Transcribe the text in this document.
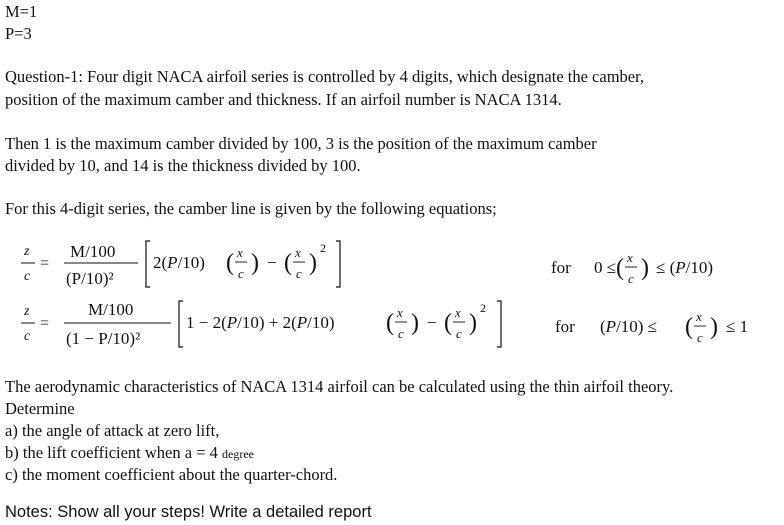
M=1
P=3
Question-1: Four digit NACA airfoil series is controlled by 4 digits, which designate the camber,
position of the maximum camber and thickness. If an airfoil number is NACA 1314.
Then 1 is the maximum camber divided by 100, 3 is the position of the maximum camber
divided by 10, and 14 is the thickness divided by 100.
For this 4-digit series, the camber line is given by the following equations;
z
c
=
M/100
(P/10)²
2(P/10) ( x
c ) − ( x
c )
2
for 0 ≤ ( x
c ) ≤ (P/10)
z
c
=
M/100
(1 − P/10)²
1 − 2(P/10) + 2(P/10) ( x
c ) − ( x
c )
2
for (P/10) ≤ ( x
c ) ≤ 1
The aerodynamic characteristics of NACA 1314 airfoil can be calculated using the thin airfoil theory.
Determine
a) the angle of attack at zero lift,
b) the lift coefficient when a = 4 degree
c) the moment coefficient about the quarter-chord.
Notes: Show all your steps! Write a detailed report
